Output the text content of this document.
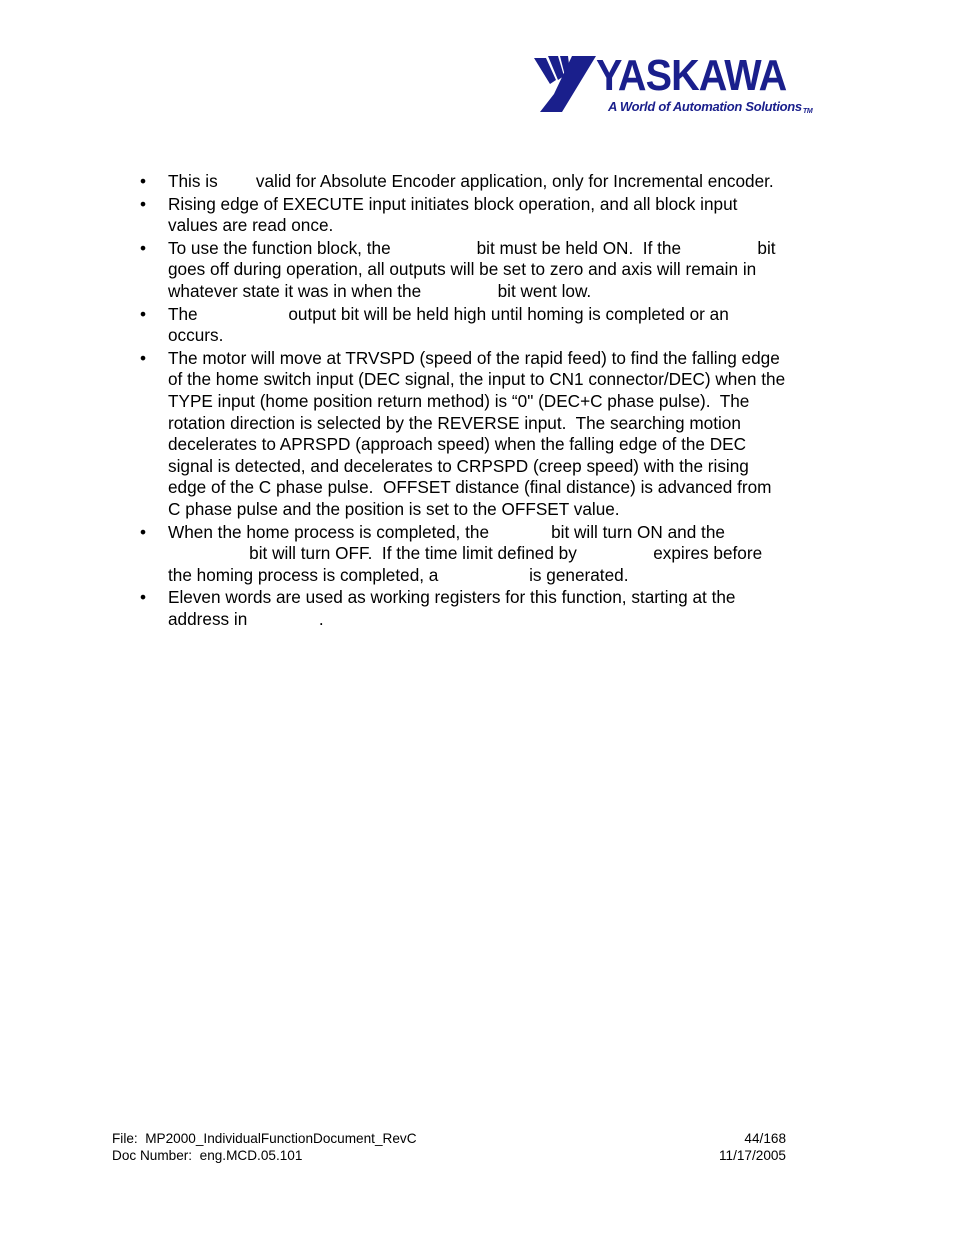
YASKAWA
A World of Automation Solutions™
• This is        valid for Absolute Encoder application, only for Incremental encoder.
• Rising edge of EXECUTE input initiates block operation, and all block input
values are read once.
• To use the function block, the                  bit must be held ON.  If the                bit
goes off during operation, all outputs will be set to zero and axis will remain in
whatever state it was in when the                bit went low.
• The                   output bit will be held high until homing is completed or an
occurs.
• The motor will move at TRVSPD (speed of the rapid feed) to find the falling edge
of the home switch input (DEC signal, the input to CN1 connector/DEC) when the
TYPE input (home position return method) is “0" (DEC+C phase pulse).  The
rotation direction is selected by the REVERSE input.  The searching motion
decelerates to APRSPD (approach speed) when the falling edge of the DEC
signal is detected, and decelerates to CRPSPD (creep speed) with the rising
edge of the C phase pulse.  OFFSET distance (final distance) is advanced from
C phase pulse and the position is set to the OFFSET value.
• When the home process is completed, the             bit will turn ON and the
bit will turn OFF.  If the time limit defined by                expires before
the homing process is completed, a                   is generated.
• Eleven words are used as working registers for this function, starting at the
address in               .
File:  MP2000_IndividualFunctionDocument_RevC	44/168
Doc Number:  eng.MCD.05.101	11/17/2005
